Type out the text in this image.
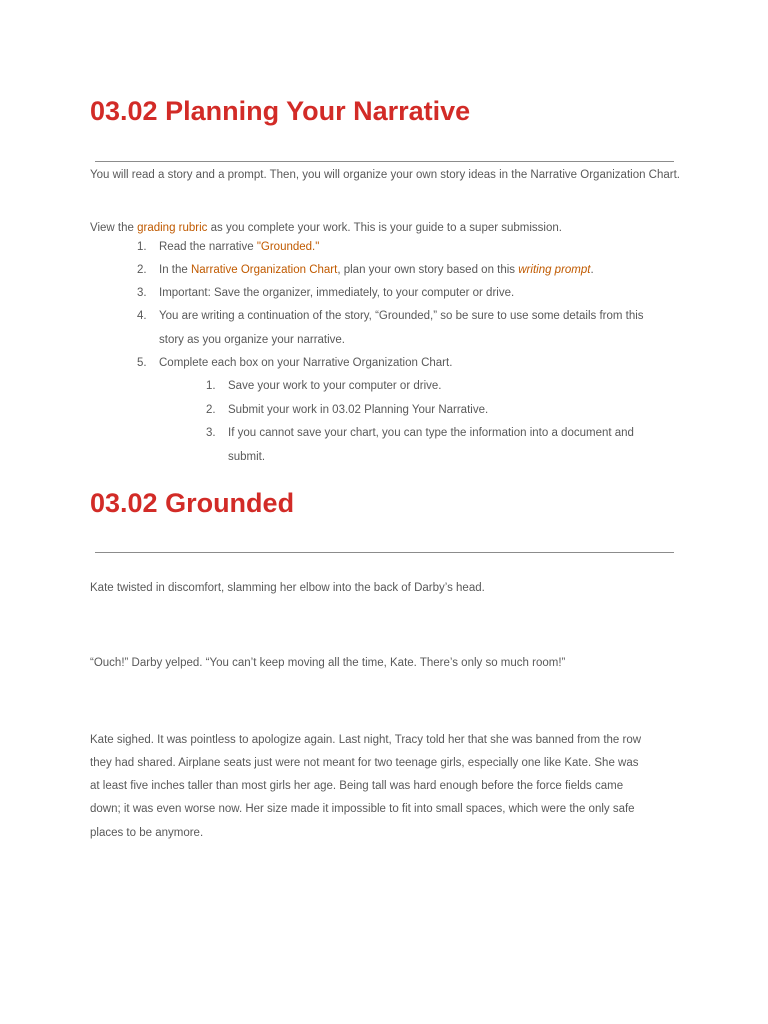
03.02 Planning Your Narrative

You will read a story and a prompt. Then, you will organize your own story ideas in the Narrative Organization Chart.

View the grading rubric as you complete your work. This is your guide to a super submission.

1. Read the narrative "Grounded."

2. In the Narrative Organization Chart, plan your own story based on this writing prompt.

3. Important: Save the organizer, immediately, to your computer or drive.

4. You are writing a continuation of the story, “Grounded,” so be sure to use some details from this

story as you organize your narrative.

5. Complete each box on your Narrative Organization Chart.

1. Save your work to your computer or drive.

2. Submit your work in 03.02 Planning Your Narrative.

3. If you cannot save your chart, you can type the information into a document and

submit.

03.02 Grounded

Kate twisted in discomfort, slamming her elbow into the back of Darby’s head.

“Ouch!” Darby yelped. “You can’t keep moving all the time, Kate. There’s only so much room!”

Kate sighed. It was pointless to apologize again. Last night, Tracy told her that she was banned from the row

they had shared. Airplane seats just were not meant for two teenage girls, especially one like Kate. She was

at least five inches taller than most girls her age. Being tall was hard enough before the force fields came

down; it was even worse now. Her size made it impossible to fit into small spaces, which were the only safe

places to be anymore.
